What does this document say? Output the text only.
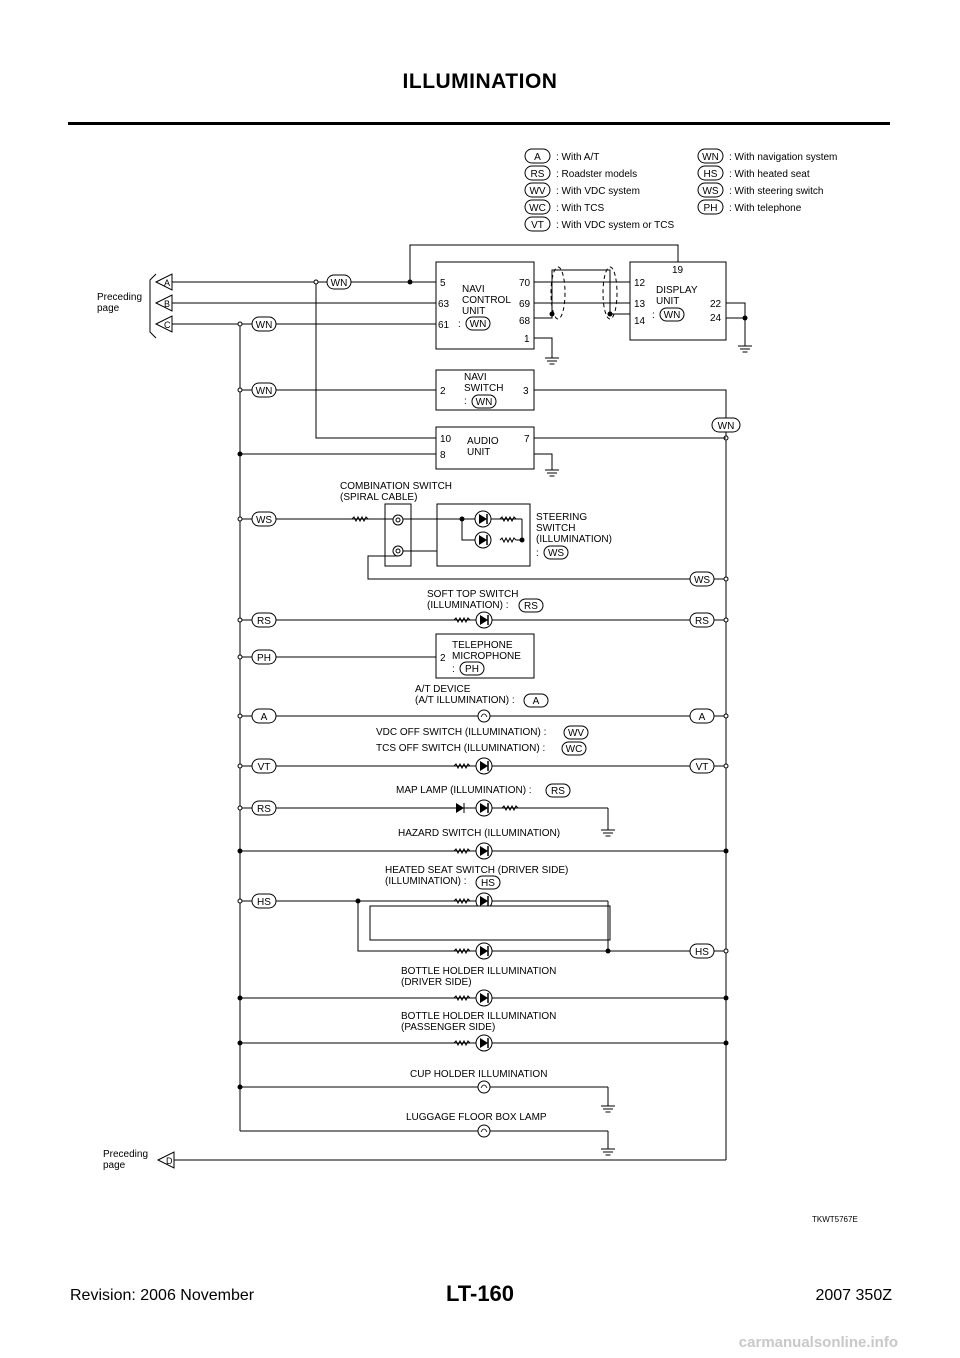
ILLUMINATION
A : With A/T
RS : Roadster models
WV : With VDC system
WC : With TCS
VT : With VDC system or TCS
WN : With navigation system
HS : With heated seat
WS : With steering switch
PH : With telephone
Preceding
page
A
B
C
Preceding
page	D
WN
WN
5
63
61
NAVI
CONTROL
UNIT
: WN
70
69
68
1
19
12
13
14
DISPLAY
UNIT
: WN
22
24
WN	2
NAVI
SWITCH
: WN
3
WN
10
8
AUDIO
UNIT
7
COMBINATION SWITCH
(SPIRAL CABLE)
WS	STEERING
SWITCH
(ILLUMINATION)
: WS
WS
SOFT TOP SWITCH
(ILLUMINATION) : RS
RS	RS
PH	2
TELEPHONE
MICROPHONE
: PH
A/T DEVICE
(A/T ILLUMINATION) : A
A	A
VDC OFF SWITCH (ILLUMINATION) : WV
TCS OFF SWITCH (ILLUMINATION) : WC
VT	VT
MAP LAMP (ILLUMINATION) : RS
RS
HAZARD SWITCH (ILLUMINATION)
HEATED SEAT SWITCH (DRIVER SIDE)
(ILLUMINATION) : HS
HS
HS
BOTTLE HOLDER ILLUMINATION
(DRIVER SIDE)
BOTTLE HOLDER ILLUMINATION
(PASSENGER SIDE)
CUP HOLDER ILLUMINATION
LUGGAGE FLOOR BOX LAMP
TKWT5767E
Revision: 2006 November	LT-160	2007 350Z
carmanualsonline.info
